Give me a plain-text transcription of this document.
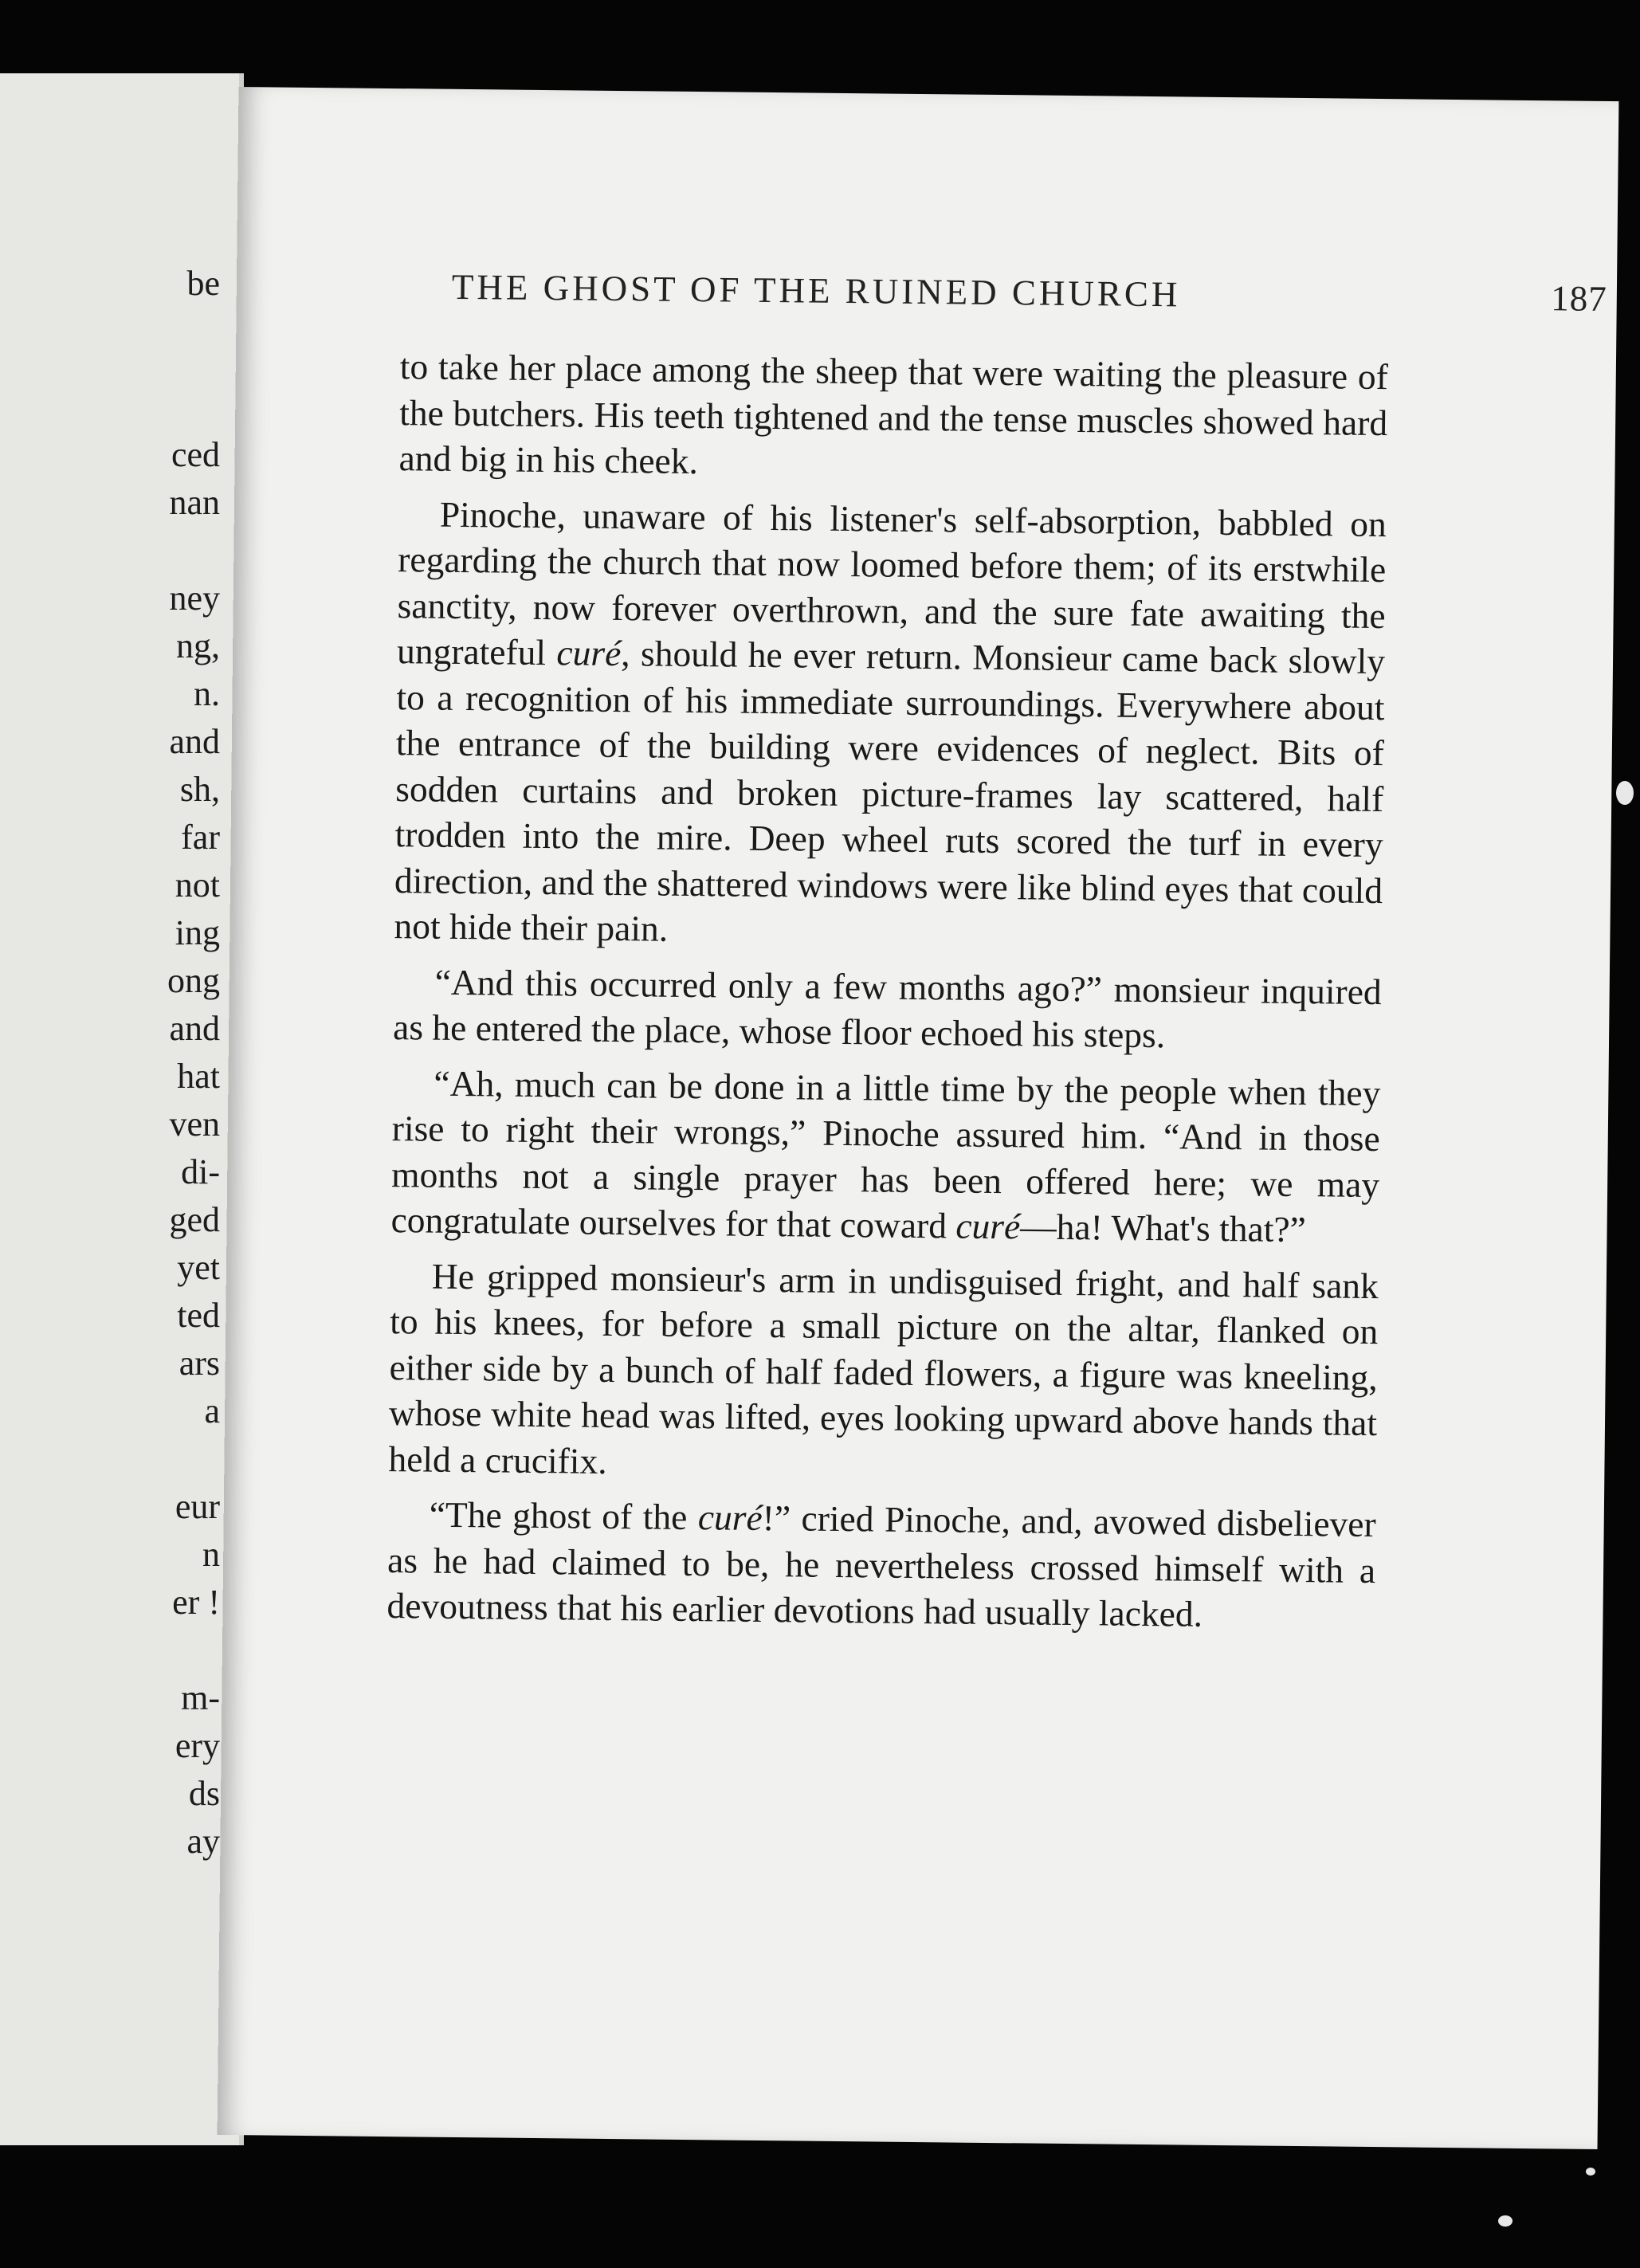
be
ced
nan
ney
ng,
n.
and
sh,
far
not
ing
ong
and
hat
ven
di-
ged
yet
ted
ars
a
eur
n
er !
m-
ery
ds
ay
THE GHOST OF THE RUINED CHURCH	187

to take her place among the sheep that were waiting the pleasure of the butchers. His teeth tightened and the tense muscles showed hard and big in his cheek.

Pinoche, unaware of his listener's self-absorption, babbled on regarding the church that now loomed before them; of its erstwhile sanctity, now forever overthrown, and the sure fate awaiting the ungrateful curé, should he ever return. Monsieur came back slowly to a recognition of his immediate surroundings. Everywhere about the entrance of the building were evidences of neglect. Bits of sodden curtains and broken picture-frames lay scattered, half trodden into the mire. Deep wheel ruts scored the turf in every direction, and the shattered windows were like blind eyes that could not hide their pain.

“And this occurred only a few months ago?” monsieur inquired as he entered the place, whose floor echoed his steps.

“Ah, much can be done in a little time by the people when they rise to right their wrongs,” Pinoche assured him. “And in those months not a single prayer has been offered here; we may congratulate ourselves for that coward curé—ha! What's that?”

He gripped monsieur's arm in undisguised fright, and half sank to his knees, for before a small picture on the altar, flanked on either side by a bunch of half faded flowers, a figure was kneeling, whose white head was lifted, eyes looking upward above hands that held a crucifix.

“The ghost of the curé!” cried Pinoche, and, avowed disbeliever as he had claimed to be, he nevertheless crossed himself with a devoutness that his earlier devotions had usually lacked.
